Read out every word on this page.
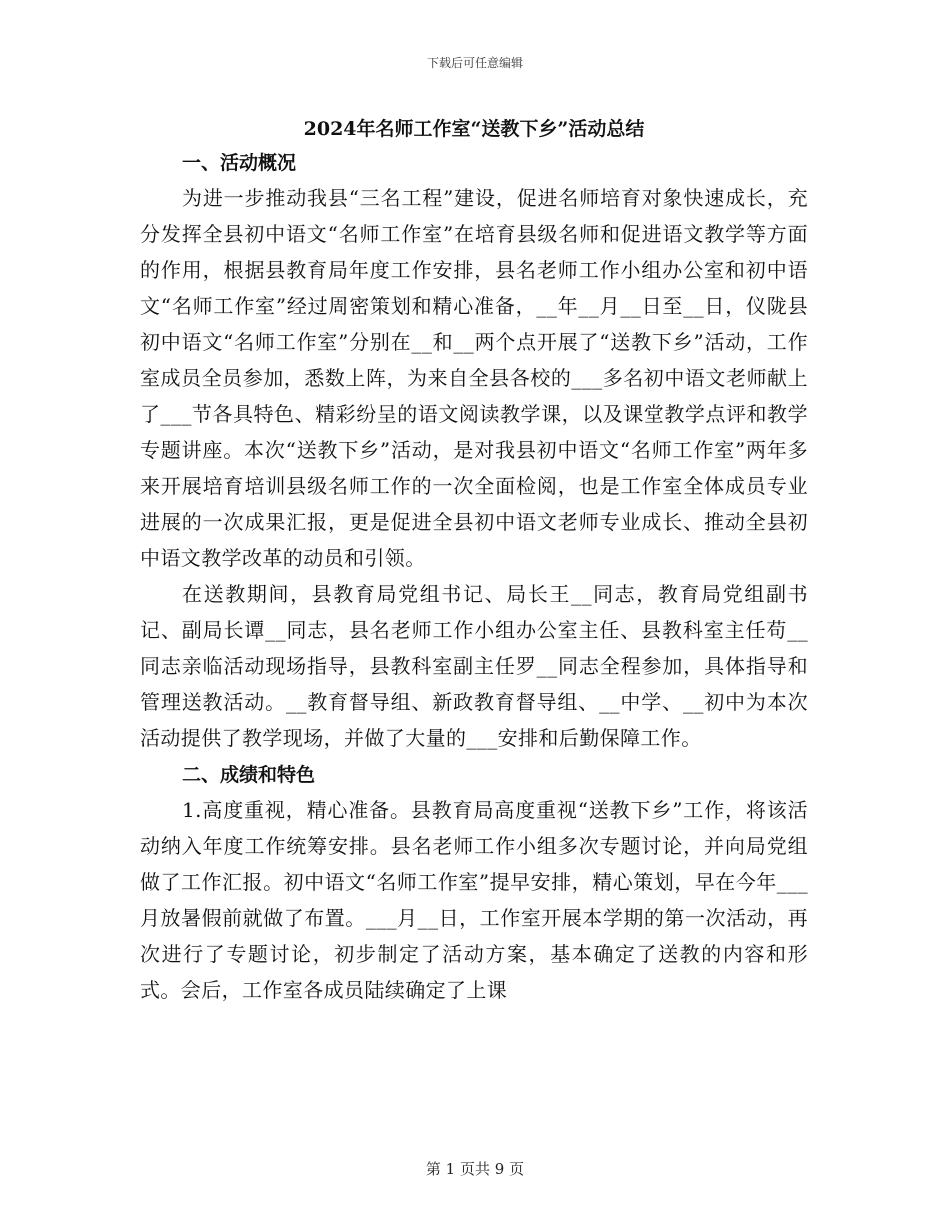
下载后可任意编辑
2024年名师工作室“送教下乡”活动总结
一、活动概况

为进一步推动我县“三名工程”建设，促进名师培育对象快速成长，充分发挥全县初中语文“名师工作室”在培育县级名师和促进语文教学等方面的作用，根据县教育局年度工作安排，县名老师工作小组办公室和初中语文“名师工作室”经过周密策划和精心准备，__年__月__日至__日，仪陇县初中语文“名师工作室”分别在__和__两个点开展了“送教下乡”活动，工作室成员全员参加，悉数上阵，为来自全县各校的___多名初中语文老师献上了___节各具特色、精彩纷呈的语文阅读教学课，以及课堂教学点评和教学专题讲座。本次“送教下乡”活动，是对我县初中语文“名师工作室”两年多来开展培育培训县级名师工作的一次全面检阅，也是工作室全体成员专业进展的一次成果汇报，更是促进全县初中语文老师专业成长、推动全县初中语文教学改革的动员和引领。

在送教期间，县教育局党组书记、局长王__同志，教育局党组副书记、副局长谭__同志，县名老师工作小组办公室主任、县教科室主任苟__同志亲临活动现场指导，县教科室副主任罗__同志全程参加，具体指导和管理送教活动。__教育督导组、新政教育督导组、__中学、__初中为本次活动提供了教学现场，并做了大量的___安排和后勤保障工作。

二、成绩和特色

1.高度重视，精心准备。县教育局高度重视“送教下乡”工作，将该活动纳入年度工作统筹安排。县名老师工作小组多次专题讨论，并向局党组做了工作汇报。初中语文“名师工作室”提早安排，精心策划，早在今年___月放暑假前就做了布置。___月__日，工作室开展本学期的第一次活动，再次进行了专题讨论，初步制定了活动方案，基本确定了送教的内容和形式。会后，工作室各成员陆续确定了上课

第 1 页共 9 页
